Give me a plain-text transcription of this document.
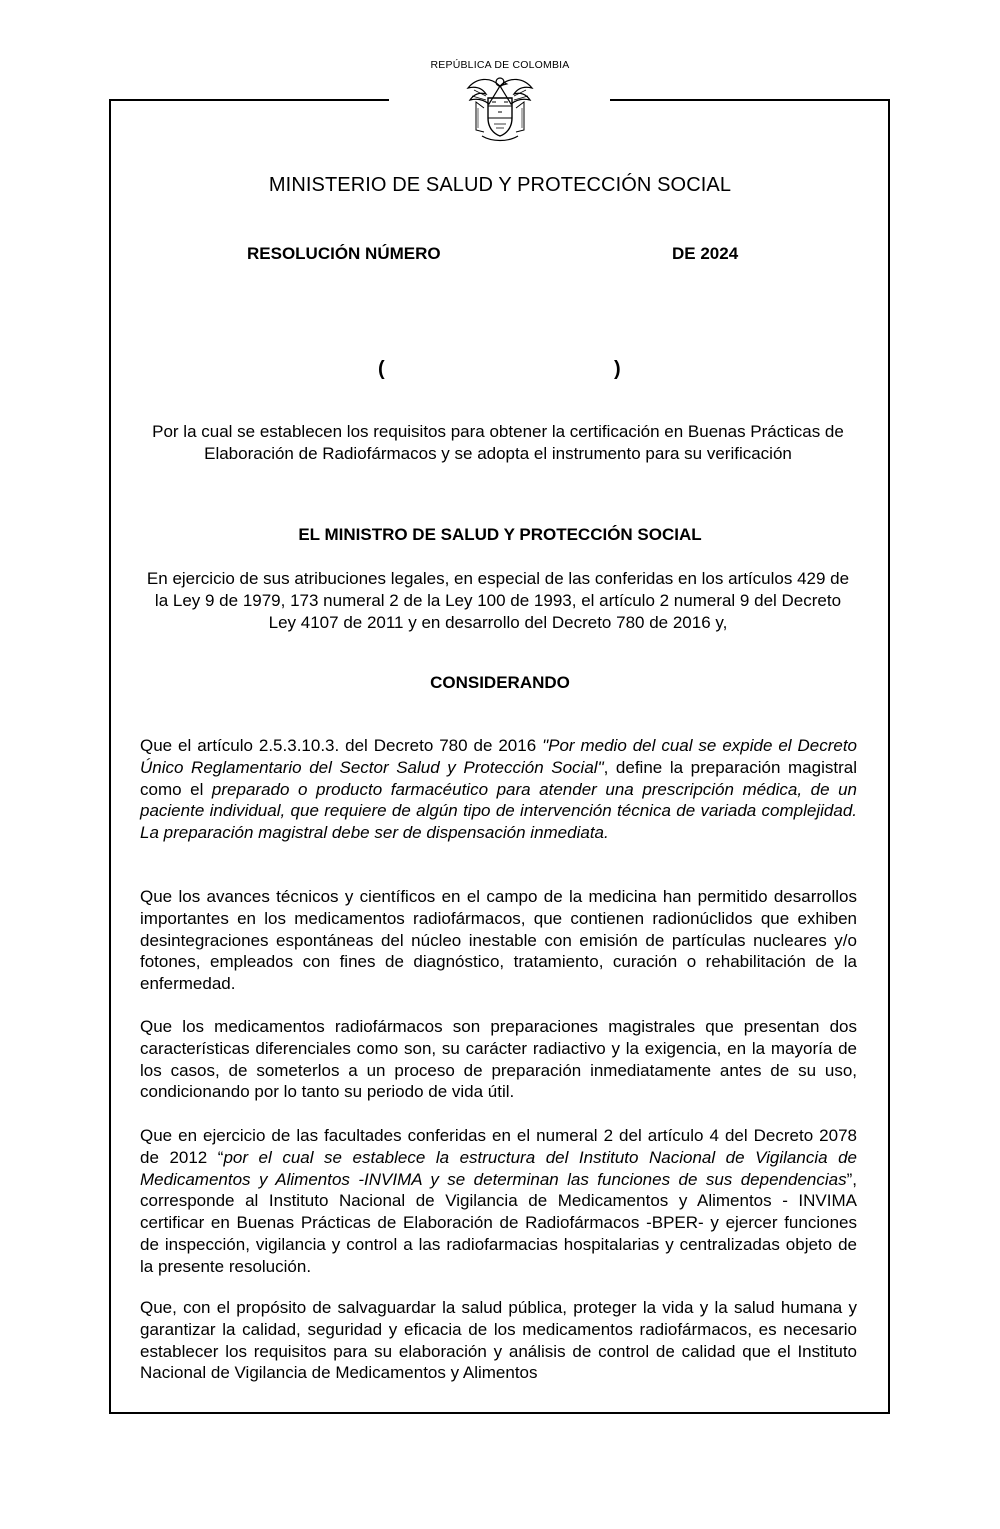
REPÚBLICA DE COLOMBIA
MINISTERIO DE SALUD Y PROTECCIÓN SOCIAL
RESOLUCIÓN NÚMERO	DE 2024
(	)
Por la cual se establecen los requisitos para obtener la certificación en Buenas Prácticas de Elaboración de Radiofármacos y se adopta el instrumento para su verificación
EL MINISTRO DE SALUD Y PROTECCIÓN SOCIAL
En ejercicio de sus atribuciones legales, en especial de las conferidas en los artículos 429 de la Ley 9 de 1979, 173 numeral 2 de la Ley 100 de 1993, el artículo 2 numeral 9 del Decreto Ley 4107 de 2011 y en desarrollo del Decreto 780 de 2016 y,
CONSIDERANDO

Que el artículo 2.5.3.10.3. del Decreto 780 de 2016 "Por medio del cual se expide el Decreto Único Reglamentario del Sector Salud y Protección Social", define la preparación magistral como el preparado o producto farmacéutico para atender una prescripción médica, de un paciente individual, que requiere de algún tipo de intervención técnica de variada complejidad. La preparación magistral debe ser de dispensación inmediata.

Que los avances técnicos y científicos en el campo de la medicina han permitido desarrollos importantes en los medicamentos radiofármacos, que contienen radionúclidos que exhiben desintegraciones espontáneas del núcleo inestable con emisión de partículas nucleares y/o fotones, empleados con fines de diagnóstico, tratamiento, curación o rehabilitación de la enfermedad.

Que los medicamentos radiofármacos son preparaciones magistrales que presentan dos características diferenciales como son, su carácter radiactivo y la exigencia, en la mayoría de los casos, de someterlos a un proceso de preparación inmediatamente antes de su uso, condicionando por lo tanto su periodo de vida útil.

Que en ejercicio de las facultades conferidas en el numeral 2 del artículo 4 del Decreto 2078 de 2012 “por el cual se establece la estructura del Instituto Nacional de Vigilancia de Medicamentos y Alimentos -INVIMA y se determinan las funciones de sus dependencias”, corresponde al Instituto Nacional de Vigilancia de Medicamentos y Alimentos - INVIMA certificar en Buenas Prácticas de Elaboración de Radiofármacos -BPER- y ejercer funciones de inspección, vigilancia y control a las radiofarmacias hospitalarias y centralizadas objeto de la presente resolución.

Que, con el propósito de salvaguardar la salud pública, proteger la vida y la salud humana y garantizar la calidad, seguridad y eficacia de los medicamentos radiofármacos, es necesario establecer los requisitos para su elaboración y análisis de control de calidad que el Instituto Nacional de Vigilancia de Medicamentos y Alimentos
